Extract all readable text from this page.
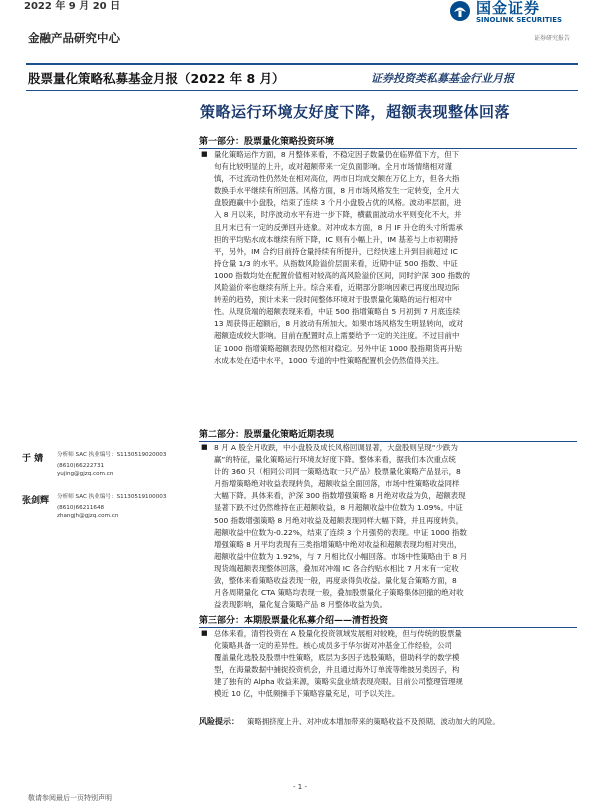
2022 年 9 月 20 日
金融产品研究中心
国金证券
SINOLINK SECURITIES
证券研究报告
股票量化策略私募基金月报（2022 年 8 月）	证券投资类私募基金行业月报
策略运行环境友好度下降，超额表现整体回落
第一部分：股票量化策略投资环境
■ 量化策略运作方面，8 月整体来看，不稳定因子数量仍在临界值下方，但下
旬有比较明显的上升，或对超额带来一定负面影响。全月市场情绪相对谨
慎，不过流动性仍然处在相对高位，两市日均成交额在万亿上方，但各大指
数换手水平继续有所回落。风格方面，8 月市场风格发生一定转变，全月大
盘股跑赢中小盘股，结束了连续 3 个月小盘股占优的风格。波动率层面，进
入 8 月以来，时序波动水平有进一步下降，横截面波动水平则变化不大，并
且月末已有一定的反弹回升迹象。对冲成本方面，8 月 IF 升仓的头寸所需承
担的平均贴水成本继续有所下降，IC 则有小幅上升，IM 基差与上市初期持
平，另外，IM 合约目前持仓量持续有所提升，已经快速上升到目前超过 IC
持仓量 1/3 的水平。从指数风险溢价层面来看，近期中证 500 指数、中证
1000 指数均处在配置价值相对较高的高风险溢价区间，同时沪深 300 指数的
风险溢价率也继续有所上升。综合来看，近期部分影响因素已再度出现边际
转差的趋势，预计未来一段时间整体环境对于股票量化策略的运行相对中
性。从现货端的超额表现来看，中证 500 指增策略自 5 月初到 7 月底连续
13 周获得正超额后，8 月波动有所加大。如果市场风格发生明显转向，或对
超额造成较大影响。目前在配置时点上需要给予一定的关注度。不过目前中
证 1000 指增策略超额表现仍然相对稳定。另外中证 1000 股指期货再升贴
水成本处在适中水平，1000 专道的中性策略配置机会仍然值得关注。
第二部分：股票量化策略近期表现
■ 8 月 A 股全月收跌，中小盘股及成长风格回调显著，大盘股则呈现“少跌为
赢”的特征，量化策略运行环境友好度下降。整体来看，据我们本次重点统
计的 360 只（相同公司同一策略选取一只产品）股票量化策略产品显示，8
月指增策略绝对收益表现转负，超额收益全面回落，市场中性策略收益同样
大幅下降。具体来看，沪深 300 指数增强策略 8 月绝对收益为负，超额表现
显著下跌不过仍然维持在正超额收益，8 月超额收益中位数为 1.09%。中证
500 指数增强策略 8 月绝对收益及超额表现同样大幅下降，并且再度转负，
超额收益中位数为-0.22%，结束了连续 3 个月强势的表现。中证 1000 指数
增强策略 8 月平均表现有三类指增策略中绝对收益和超额表现均相对突出，
超额收益中位数为 1.92%，与 7 月相比仅小幅回落。市场中性策略由于 8 月
现货端超额表现整体回落，叠加对冲端 IC 各合约贴水相比 7 月末有一定收
敛，整体来看策略收益表现一般，再度录得负收益。量化复合策略方面，8
月各周期量化 CTA 策略均表现一般，叠加股票量化子策略集体回撤的绝对收
益表现影响，量化复合策略产品 8 月整体收益为负。
第三部分：本期股票量化私募介绍——清哲投资
■ 总体来看，清哲投资在 A 股量化投资领域发展相对较晚，但与传统的股票量
化策略具备一定的差异性。核心成员多于华尔街对冲基金工作经验，公司
覆盖量化选股及股票中性策略，底层为多因子选股策略，借助科学的数学模
型，在海量数据中捕捉投资机会，并且通过海外订单流等维披另类因子，构
建了独有的 Alpha 收益来源，策略实盘业绩表现亮眼。目前公司整理管理规
模近 10 亿，中低频操手下策略容量充足，可予以关注。
于 婧 分析师 SAC 执业编号：S1130519020003
(8610)66222731
yujing@gjzq.com.cn
张剑辉 分析师 SAC 执业编号：S1130519100003
(8610)66211648
zhangjh@gjzq.com.cn
风险提示： 策略拥挤度上升、对冲成本增加带来的策略收益不及预期、波动加大的风险。

- 1 -
敬请参阅最后一页特别声明
